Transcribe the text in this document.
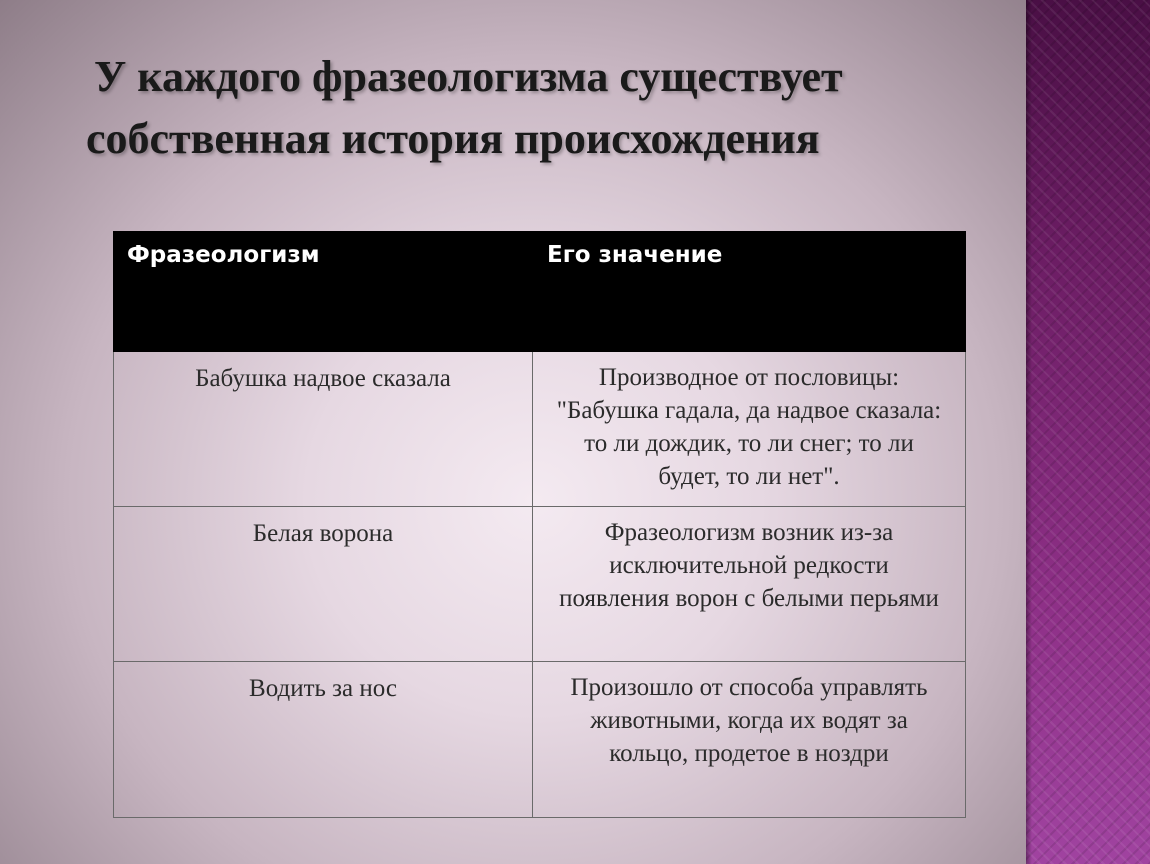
У каждого фразеологизма существует
собственная история происхождения
Фразеологизм	Его значение
Бабушка надвое сказала	Производное от пословицы: "Бабушка гадала, да надвое сказала: то ли дождик, то ли снег; то ли будет, то ли нет".
Белая ворона	Фразеологизм возник из-за исключительной редкости появления ворон с белыми перьями
Водить за нос	Произошло от способа управлять животными, когда их водят за кольцо, продетое в ноздри
